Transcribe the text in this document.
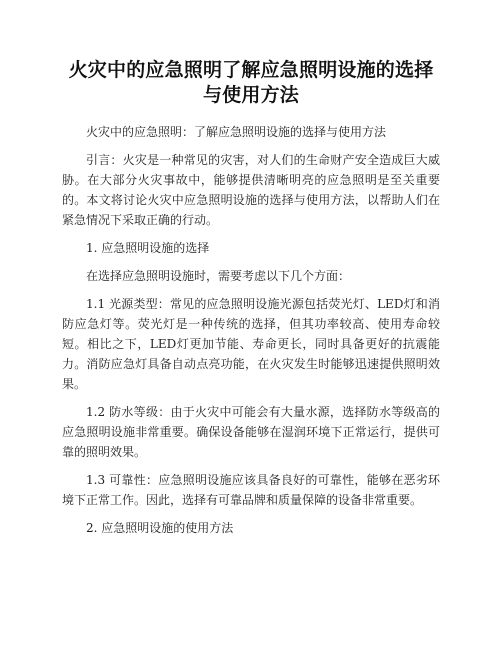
火灾中的应急照明了解应急照明设施的选择与使用方法

火灾中的应急照明：了解应急照明设施的选择与使用方法

引言：火灾是一种常见的灾害，对人们的生命财产安全造成巨大威胁。在大部分火灾事故中，能够提供清晰明亮的应急照明是至关重要的。本文将讨论火灾中应急照明设施的选择与使用方法，以帮助人们在紧急情况下采取正确的行动。

1. 应急照明设施的选择

在选择应急照明设施时，需要考虑以下几个方面：

1.1 光源类型：常见的应急照明设施光源包括荧光灯、LED灯和消防应急灯等。荧光灯是一种传统的选择，但其功率较高、使用寿命较短。相比之下，LED灯更加节能、寿命更长，同时具备更好的抗震能力。消防应急灯具备自动点亮功能，在火灾发生时能够迅速提供照明效果。

1.2 防水等级：由于火灾中可能会有大量水源，选择防水等级高的应急照明设施非常重要。确保设备能够在湿润环境下正常运行，提供可靠的照明效果。

1.3 可靠性：应急照明设施应该具备良好的可靠性，能够在恶劣环境下正常工作。因此，选择有可靠品牌和质量保障的设备非常重要。

2. 应急照明设施的使用方法
